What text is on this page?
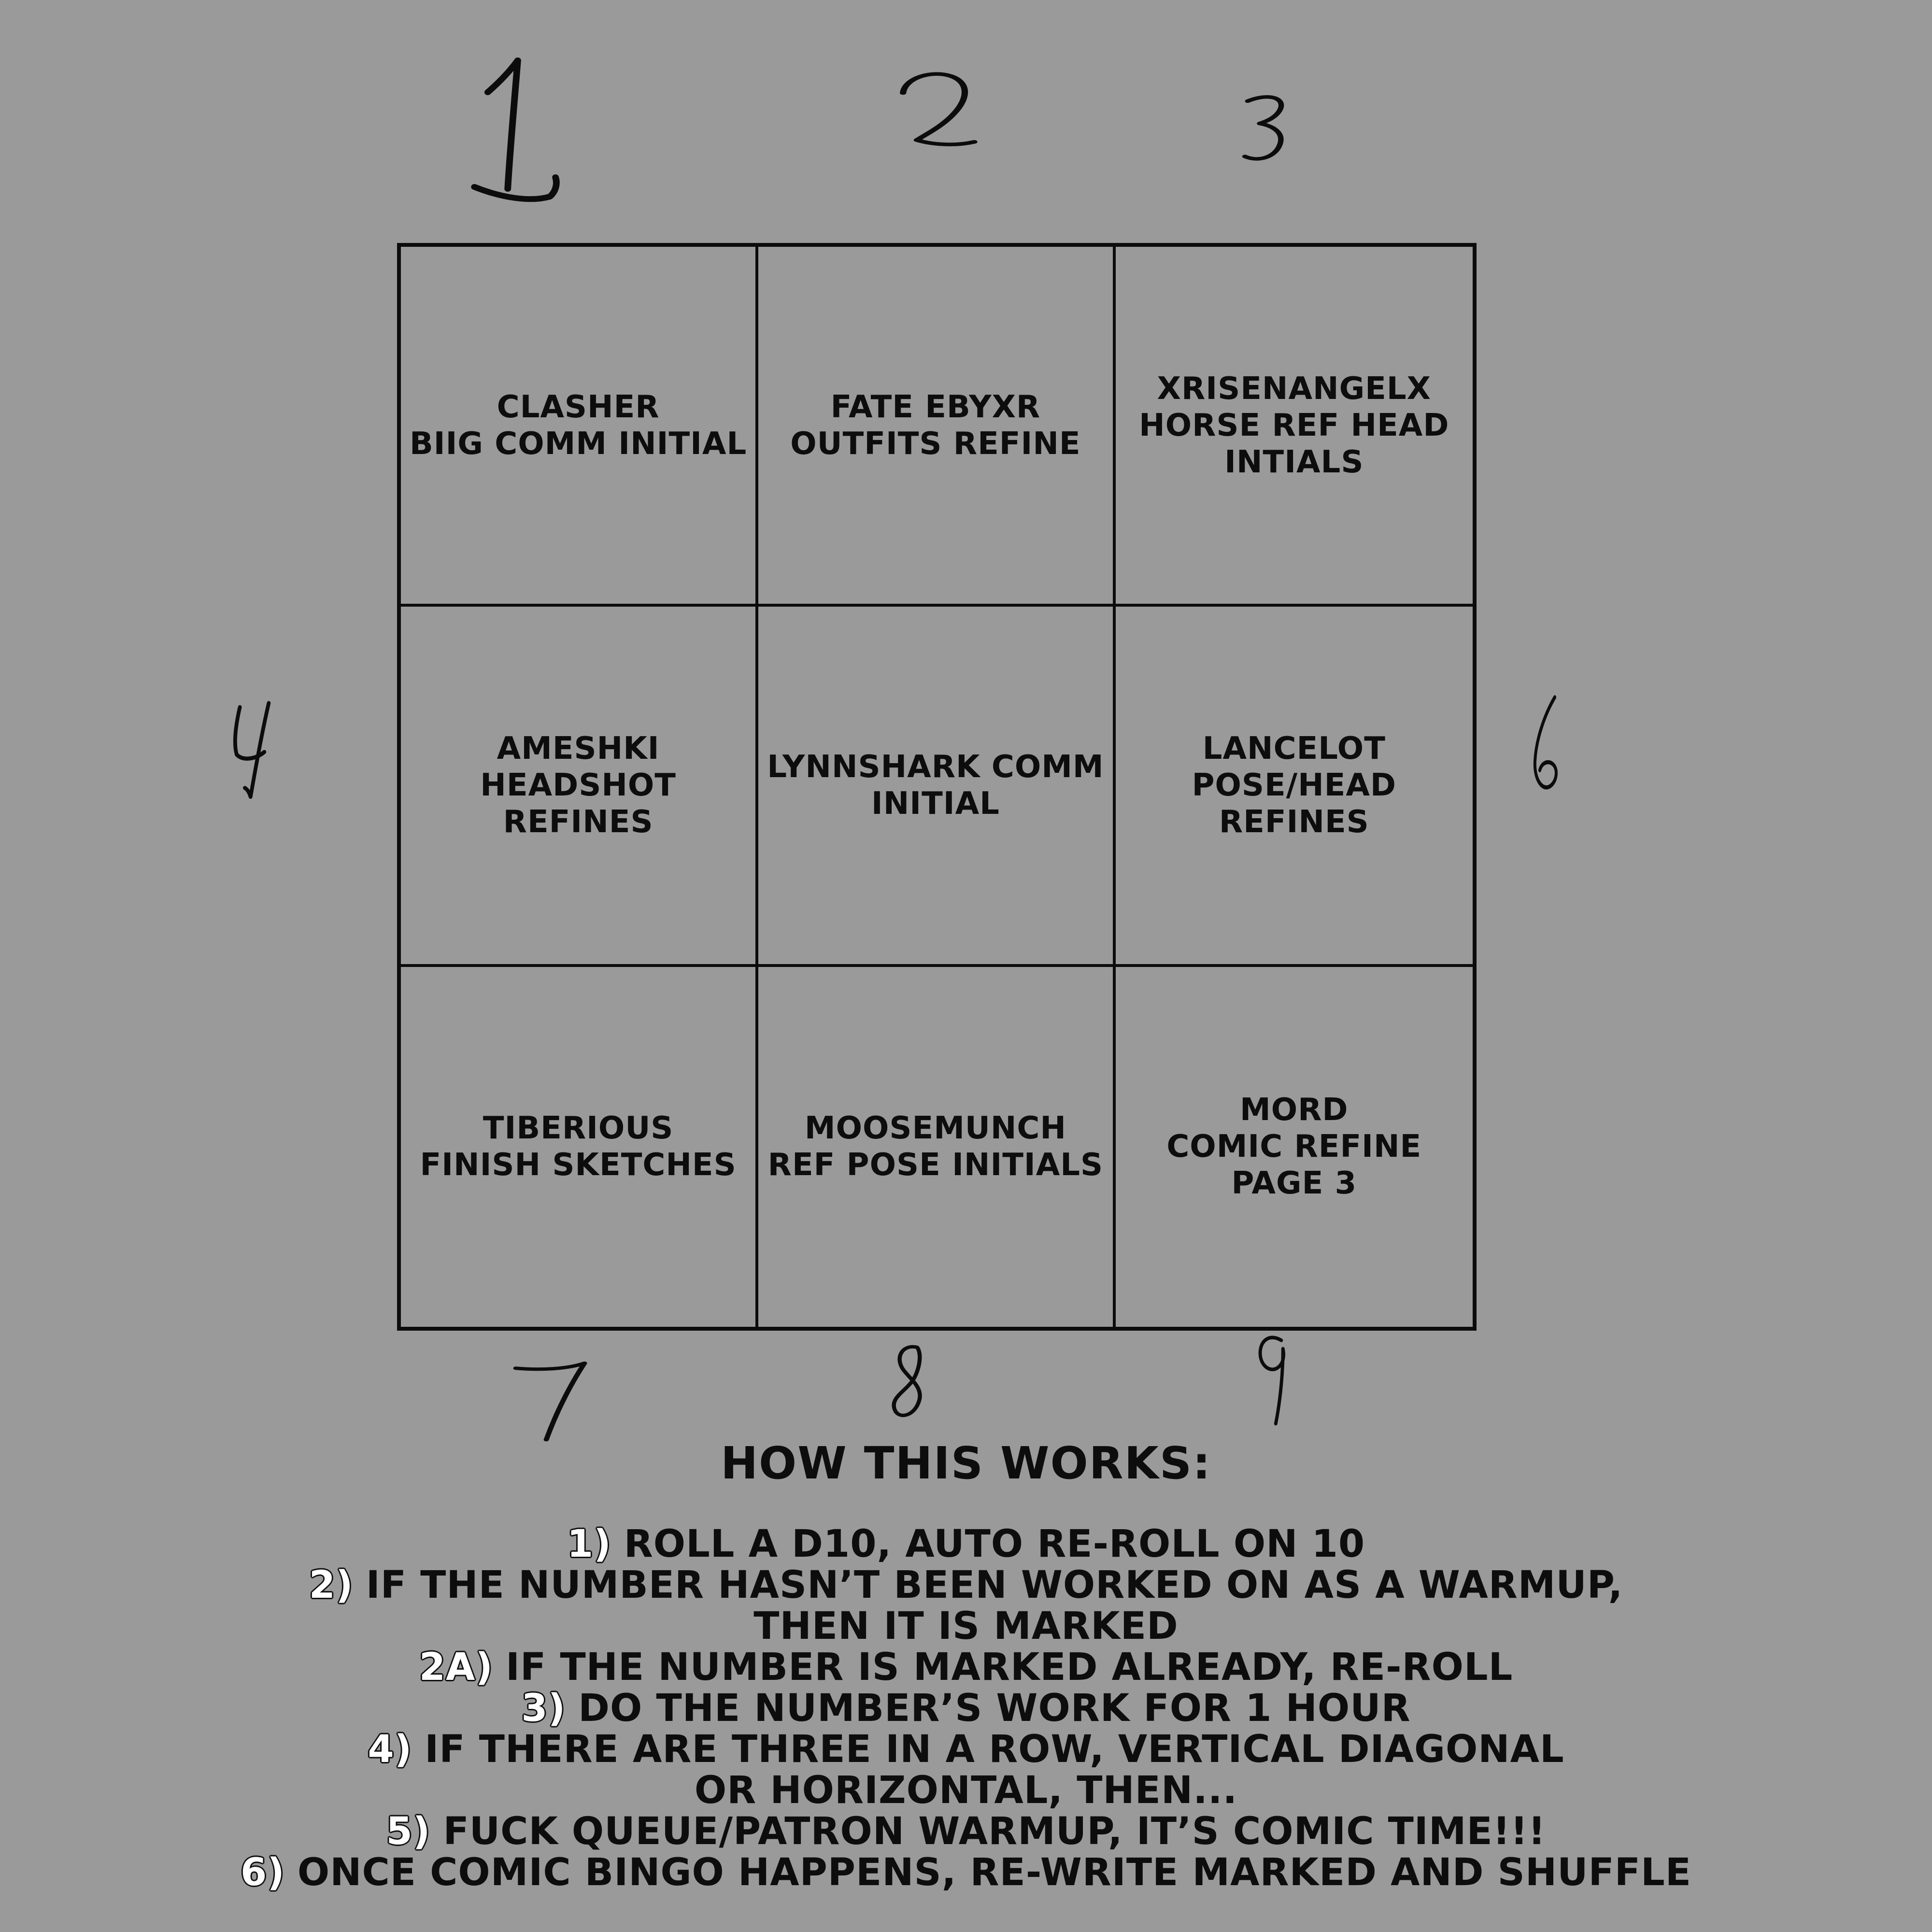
CLASHER
BIIG COMM INITIAL
FATE EBYXR
OUTFITS REFINE
XRISENANGELX
HORSE REF HEAD
INTIALS
AMESHKI
HEADSHOT
REFINES
LYNNSHARK COMM
INITIAL
LANCELOT
POSE/HEAD
REFINES
TIBERIOUS
FINISH SKETCHES
MOOSEMUNCH
REF POSE INITIALS
MORD
COMIC REFINE
PAGE 3
HOW THIS WORKS:
1) ROLL A D10, AUTO RE-ROLL ON 10
2) IF THE NUMBER HASN’T BEEN WORKED ON AS A WARMUP,
THEN IT IS MARKED
2A) IF THE NUMBER IS MARKED ALREADY, RE-ROLL
3) DO THE NUMBER’S WORK FOR 1 HOUR
4) IF THERE ARE THREE IN A ROW, VERTICAL DIAGONAL
OR HORIZONTAL, THEN...
5) FUCK QUEUE/PATRON WARMUP, IT’S COMIC TIME!!!
6) ONCE COMIC BINGO HAPPENS, RE-WRITE MARKED AND SHUFFLE
